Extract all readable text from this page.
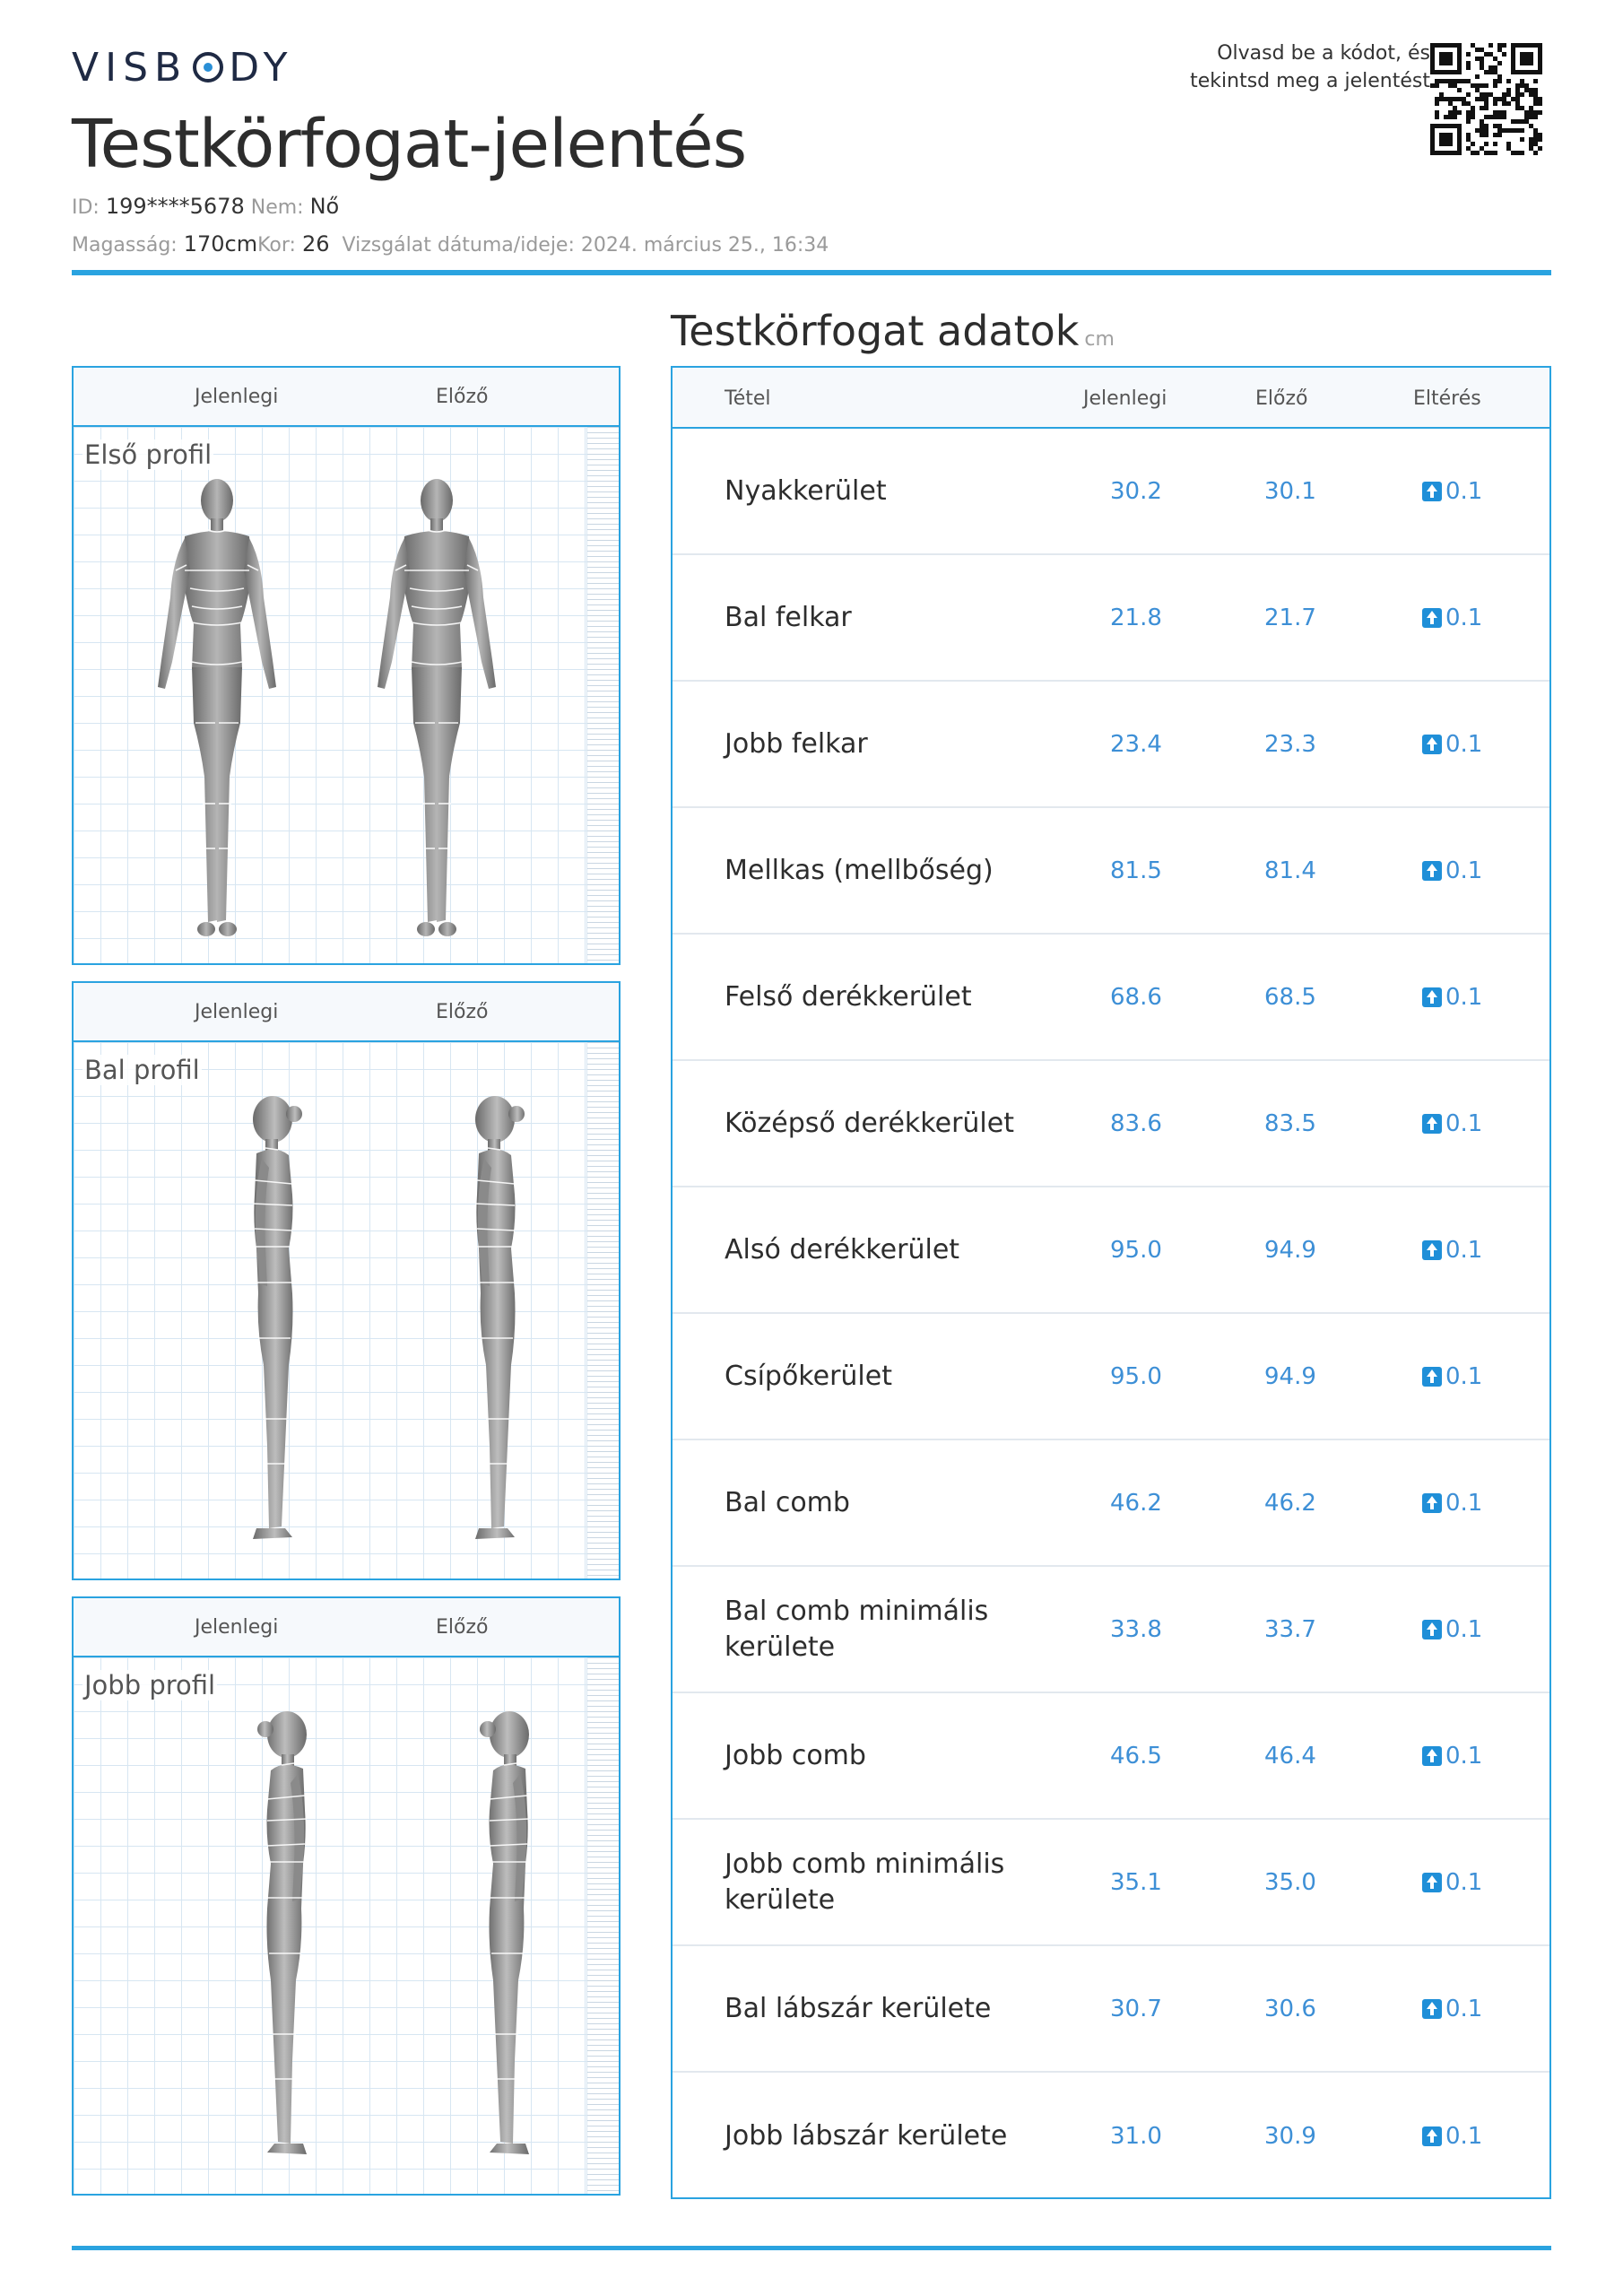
VISB DY
Testkörfogat-jelentés
ID: 199****5678 Nem: Nő
Magasság: 170cmKor: 26 Vizsgálat dátuma/ideje: 2024. március 25., 16:34
Olvasd be a kódot, és
tekintsd meg a jelentést
Jelenlegi	Előző
Első profil
Jelenlegi	Előző
Bal profil
Jelenlegi	Előző
Jobb profil
Testkörfogat adatok cm
Tétel	Jelenlegi	Előző	Eltérés
Nyakkerület	30.2	30.1	0.1
Bal felkar	21.8	21.7	0.1
Jobb felkar	23.4	23.3	0.1
Mellkas (mellbőség)	81.5	81.4	0.1
Felső derékkerület	68.6	68.5	0.1
Középső derékkerület	83.6	83.5	0.1
Alsó derékkerület	95.0	94.9	0.1
Csípőkerület	95.0	94.9	0.1
Bal comb	46.2	46.2	0.1
Bal comb minimális kerülete
33.8	33.7	0.1
Jobb comb	46.5	46.4	0.1
Jobb comb minimális kerülete
35.1	35.0	0.1
Bal lábszár kerülete	30.7	30.6	0.1
Jobb lábszár kerülete	31.0	30.9	0.1
